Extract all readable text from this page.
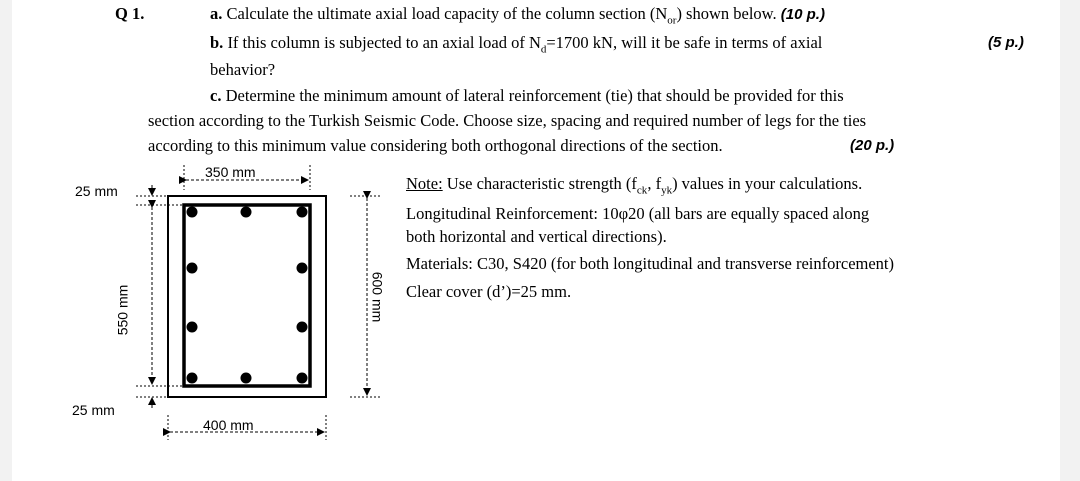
Q 1.	a. Calculate the ultimate axial load capacity of the column section $(N_{or})$ shown below. (10 p.)
b. If this column is subjected to an axial load of $N_d=1700$ kN, will it be safe in terms of axial	(5 p.)
behavior?
c. Determine the minimum amount of lateral reinforcement (tie) that should be provided for this
section according to the Turkish Seismic Code. Choose size, spacing and required number of legs for the ties
according to this minimum value considering both orthogonal directions of the section.	(20 p.)
350 mm
400 mm
25 mm
25 mm
550 mm	600 mm
Note: Use characteristic strength ($f_{ck}$, $f_{yk}$) values in your calculations.
Longitudinal Reinforcement: 10φ20 (all bars are equally spaced along
both horizontal and vertical directions).
Materials: C30, S420 (for both longitudinal and transverse reinforcement)
Clear cover (d’)=25 mm.
